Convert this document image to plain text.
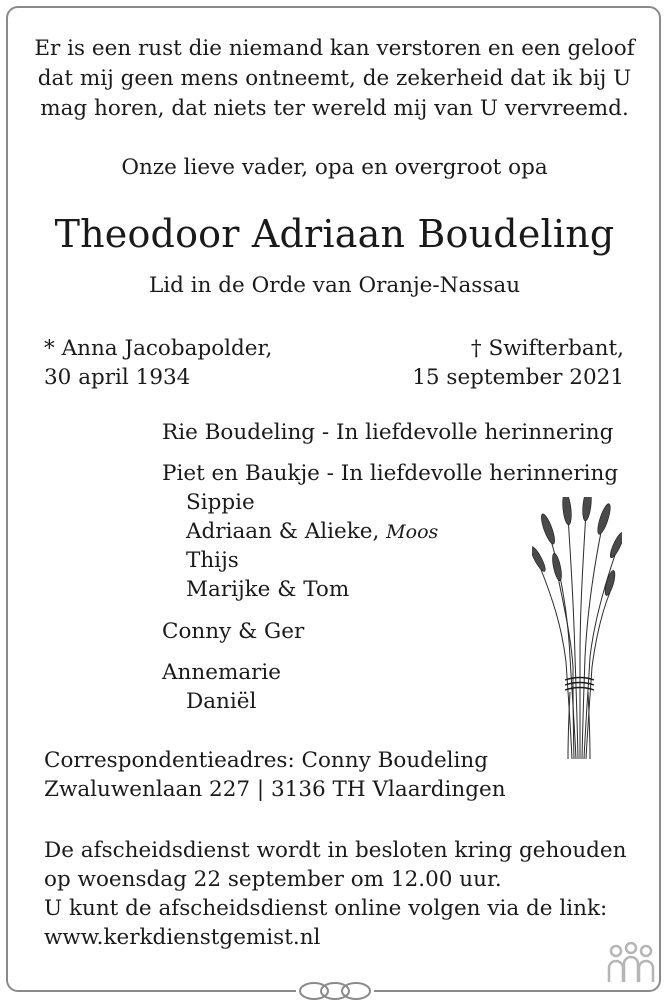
Er is een rust die niemand kan verstoren en een geloof dat mij geen mens ontneemt, de zekerheid dat ik bij U mag horen, dat niets ter wereld mij van U vervreemd.
Onze lieve vader, opa en overgroot opa
Theodoor Adriaan Boudeling
Lid in de Orde van Oranje-Nassau
* Anna Jacobapolder,
30 april 1934
† Swifterbant,
15 september 2021
Rie Boudeling - In liefdevolle herinnering
Piet en Baukje - In liefdevolle herinnering
Sippie
Adriaan & Alieke, Moos
Thijs
Marijke & Tom
Conny & Ger
Annemarie
Daniël
Correspondentieadres: Conny Boudeling
Zwaluwenlaan 227 | 3136 TH Vlaardingen
De afscheidsdienst wordt in besloten kring gehouden
op woensdag 22 september om 12.00 uur.
U kunt de afscheidsdienst online volgen via de link:
www.kerkdienstgemist.nl
